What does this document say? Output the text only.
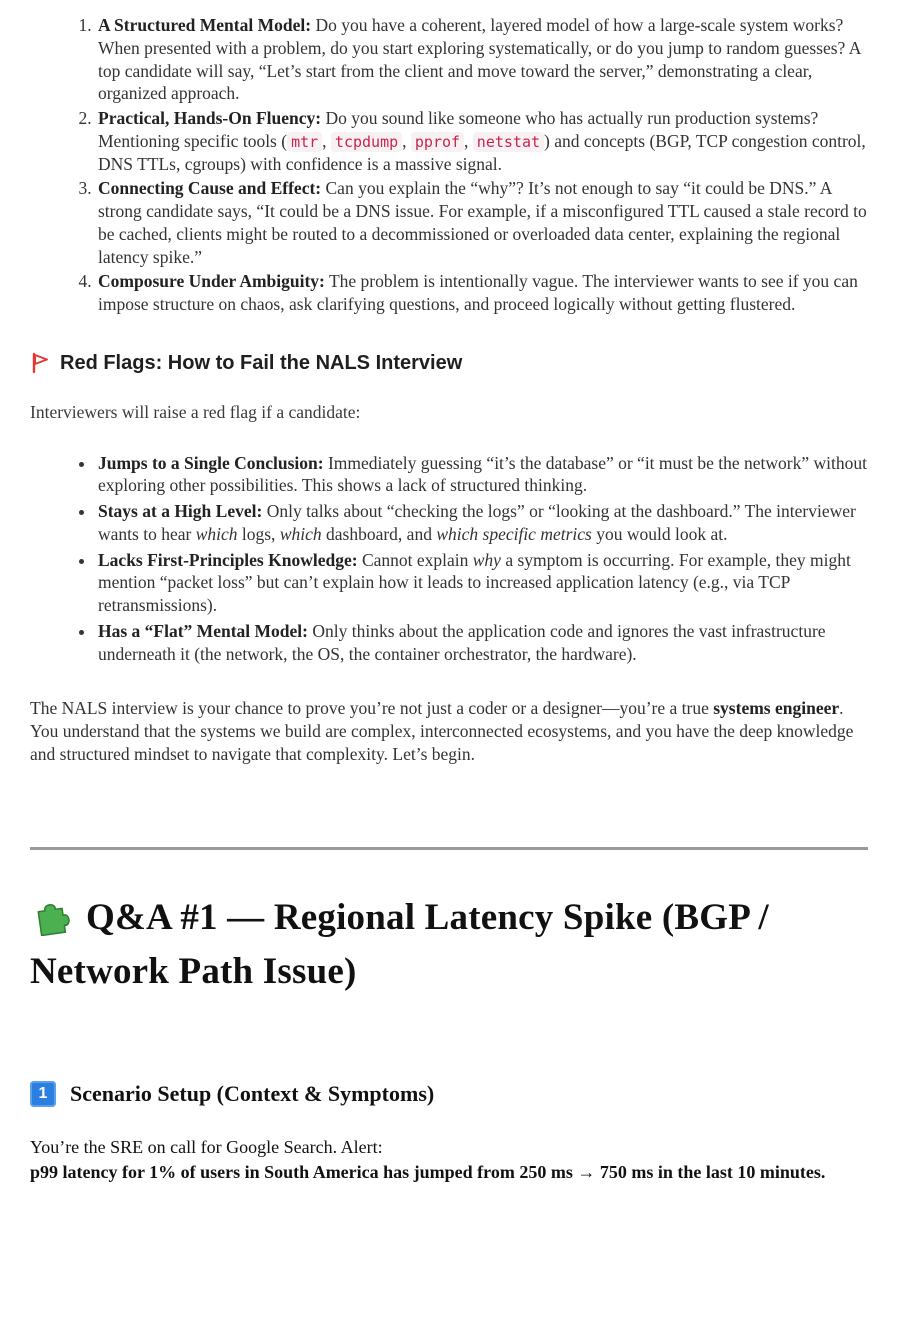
1. A Structured Mental Model: Do you have a coherent, layered model of how a large-scale system works? When presented with a problem, do you start exploring systematically, or do you jump to random guesses? A top candidate will say, “Let’s start from the client and move toward the server,” demonstrating a clear, organized approach.
2. Practical, Hands-On Fluency: Do you sound like someone who has actually run production systems? Mentioning specific tools ( mtr , tcpdump , pprof , netstat ) and concepts (BGP, TCP congestion control, DNS TTLs, cgroups) with confidence is a massive signal.
3. Connecting Cause and Effect: Can you explain the “why”? It’s not enough to say “it could be DNS.” A strong candidate says, “It could be a DNS issue. For example, if a misconfigured TTL caused a stale record to be cached, clients might be routed to a decommissioned or overloaded data center, explaining the regional latency spike.”
4. Composure Under Ambiguity: The problem is intentionally vague. The interviewer wants to see if you can impose structure on chaos, ask clarifying questions, and proceed logically without getting flustered.
Red Flags: How to Fail the NALS Interview

Interviewers will raise a red flag if a candidate:

• Jumps to a Single Conclusion: Immediately guessing “it’s the database” or “it must be the network” without exploring other possibilities. This shows a lack of structured thinking.
• Stays at a High Level: Only talks about “checking the logs” or “looking at the dashboard.” The interviewer wants to hear which logs, which dashboard, and which specific metrics you would look at.
• Lacks First-Principles Knowledge: Cannot explain why a symptom is occurring. For example, they might mention “packet loss” but can’t explain how it leads to increased application latency (e.g., via TCP retransmissions).
• Has a “Flat” Mental Model: Only thinks about the application code and ignores the vast infrastructure underneath it (the network, the OS, the container orchestrator, the hardware).

The NALS interview is your chance to prove you’re not just a coder or a designer—you’re a true systems engineer. You understand that the systems we build are complex, interconnected ecosystems, and you have the deep knowledge and structured mindset to navigate that complexity. Let’s begin.

Q&A #1 — Regional Latency Spike (BGP / Network Path Issue)
1	Scenario Setup (Context & Symptoms)

You’re the SRE on call for Google Search. Alert:
p99 latency for 1% of users in South America has jumped from 250 ms → 750 ms in the last 10 minutes.
